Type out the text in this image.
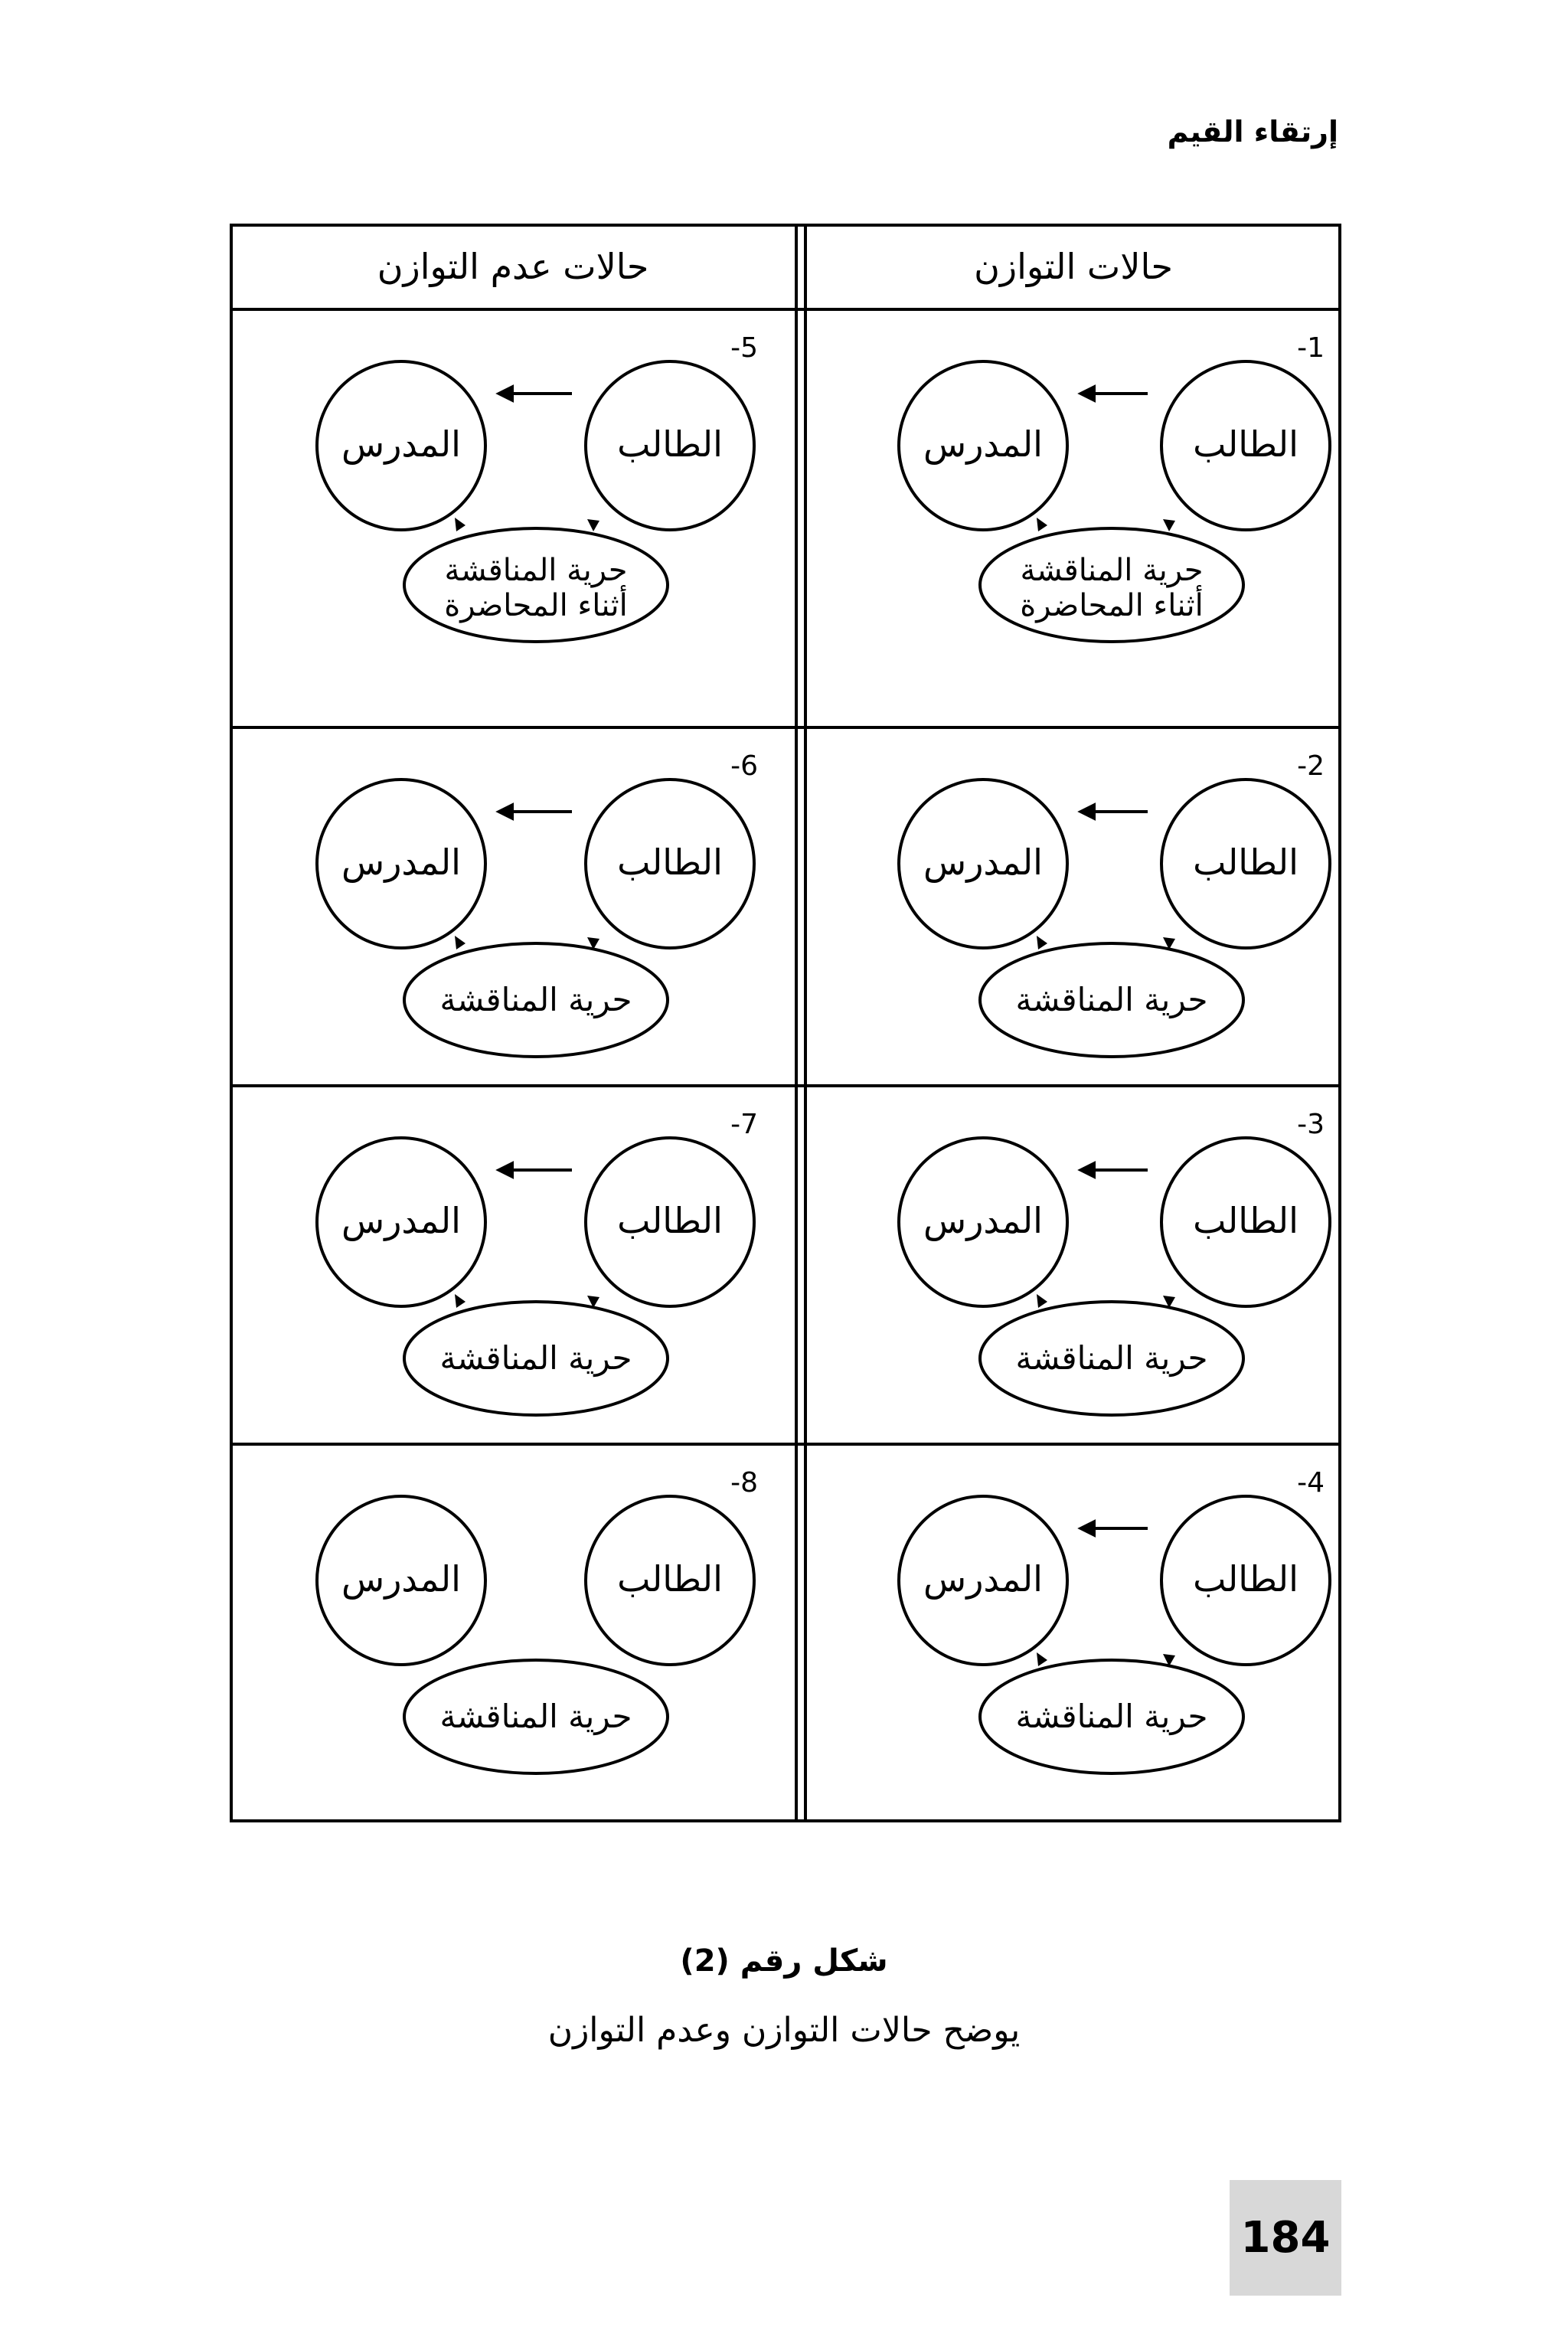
إرتقاء القيم
-1
الطالب
المدرس
حرية المناقشة
أثناء المحاضرة
-2
الطالب
المدرس
حرية المناقشة
-3
الطالب
المدرس
حرية المناقشة
-4
الطالب
المدرس
حرية المناقشة
-5
الطالب
المدرس
حرية المناقشة
أثناء المحاضرة
-6
الطالب
المدرس
حرية المناقشة
-7
الطالب
المدرس
حرية المناقشة
-8
الطالب
المدرس
حرية المناقشة
حالات عدم التوازن	حالات التوازن
شكل رقم (2)
يوضح حالات التوازن وعدم التوازن
184
